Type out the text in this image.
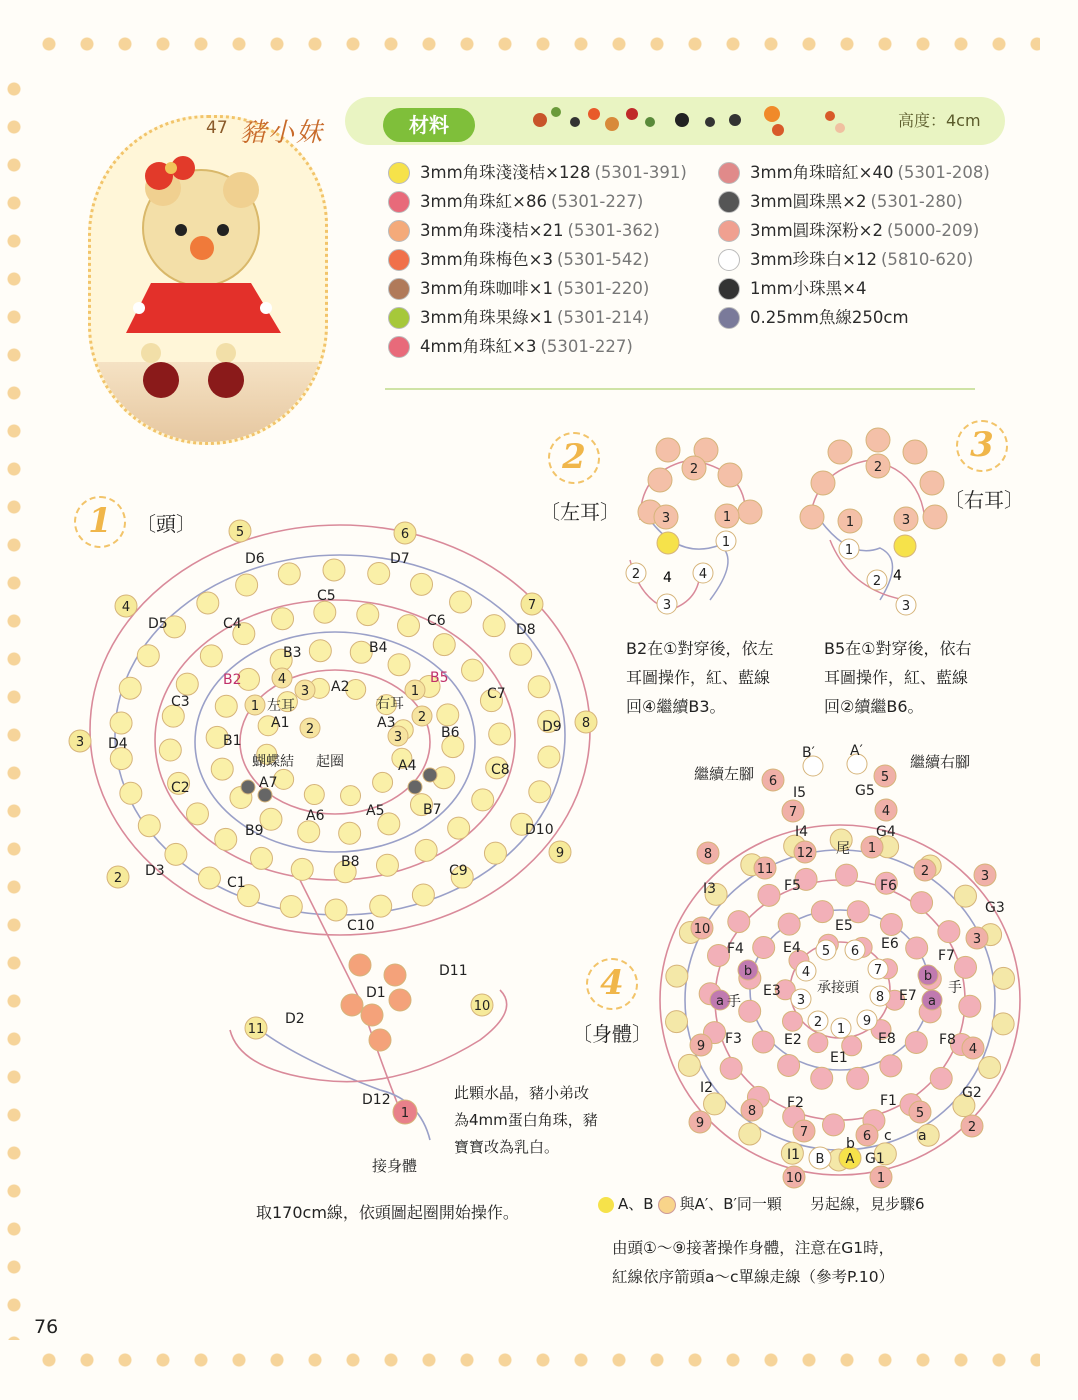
47 豬小妹	材料	高度：4cm
3mm角珠淺淺桔×128 (5301-391)
3mm角珠紅×86 (5301-227)
3mm角珠淺桔×21 (5301-362)
3mm角珠梅色×3 (5301-542)
3mm角珠咖啡×1 (5301-220)
3mm角珠果綠×1 (5301-214)
4mm角珠紅×3 (5301-227)
3mm角珠暗紅×40 (5301-208)
3mm圓珠黑×2 (5301-280)
3mm圓珠深粉×2 (5000-209)
3mm珍珠白×12 (5810-620)
1mm小珠黑×4
0.25mm魚線250cm
1	〔頭〕
2
〔左耳〕
3
〔右耳〕
4
〔身體〕
B2在①對穿後，依左
耳圖操作，紅、藍線
回④繼續B3。
B5在①對穿後，依右
耳圖操作，紅、藍線
回②續繼B6。
5	6
4	7
3
8
2
9
11
10
1
1
4
3
2
1
2
3
D6	D7
D5
C5
C4	C6
D8
B3	B4
A2
C3	C7
左耳	右耳
A1	A3
B1	B6
D4
D9
蝴蝶結 起圈	A4
A7
C2
C8
A6	A5	B7
B9	D10
B8
D3
C1
C9
C10
D11
D1
D2
D12
B2	B5
2
3	1
1
2	4
3
2
1	3
1
2
3
4	4
6	5
7	4
12	1
8
11	2	3
10
3
9	4
8	5
9	2
7	6
1
10
5 6
4	7
3	8
2 1
9
B A
b
a
b
a
B′	A′
I5	G5
I4	G4
尾
I3	F5	F6
G3
E5
F4	E4	E6
F7
手
E3	承接頭	E7 手
F3	E2	E8	F8
E1
I2	G2
F2	F1
I1	G1
a
b c
此顆水晶，豬小弟改
為4mm蛋白角珠，豬
寶寶改為乳白。
接身體
取170cm線，依頭圖起圈開始操作。
繼續左腳
繼續右腳
A、B 與A′、B′同一顆 另起線，見步驟6
由頭①～⑨接著操作身體，注意在G1時，
紅線依序箭頭a～c單線走線（參考P.10）
76
